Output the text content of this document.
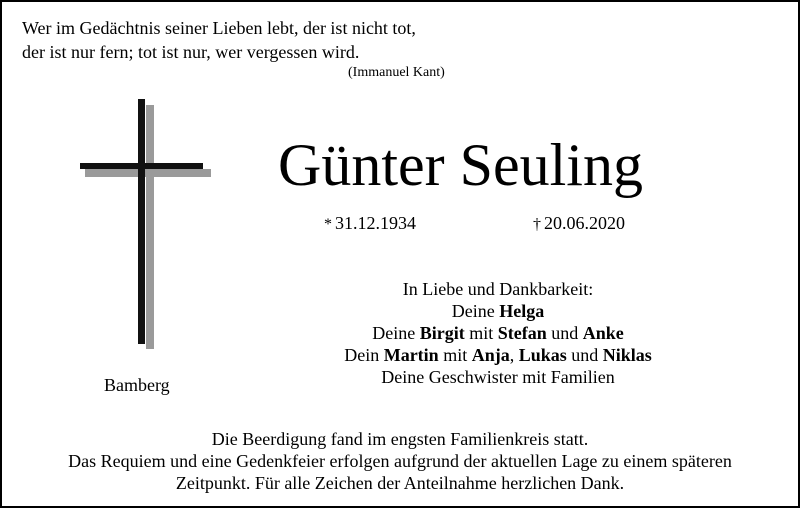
Wer im Gedächtnis seiner Lieben lebt, der ist nicht tot,
der ist nur fern; tot ist nur, wer vergessen wird.
(Immanuel Kant)
Bamberg
Günter Seuling
* 31.12.1934	† 20.06.2020
In Liebe und Dankbarkeit:
Deine Helga
Deine Birgit mit Stefan und Anke
Dein Martin mit Anja, Lukas und Niklas
Deine Geschwister mit Familien
Die Beerdigung fand im engsten Familienkreis statt.
Das Requiem und eine Gedenkfeier erfolgen aufgrund der aktuellen Lage zu einem späteren
Zeitpunkt. Für alle Zeichen der Anteilnahme herzlichen Dank.
